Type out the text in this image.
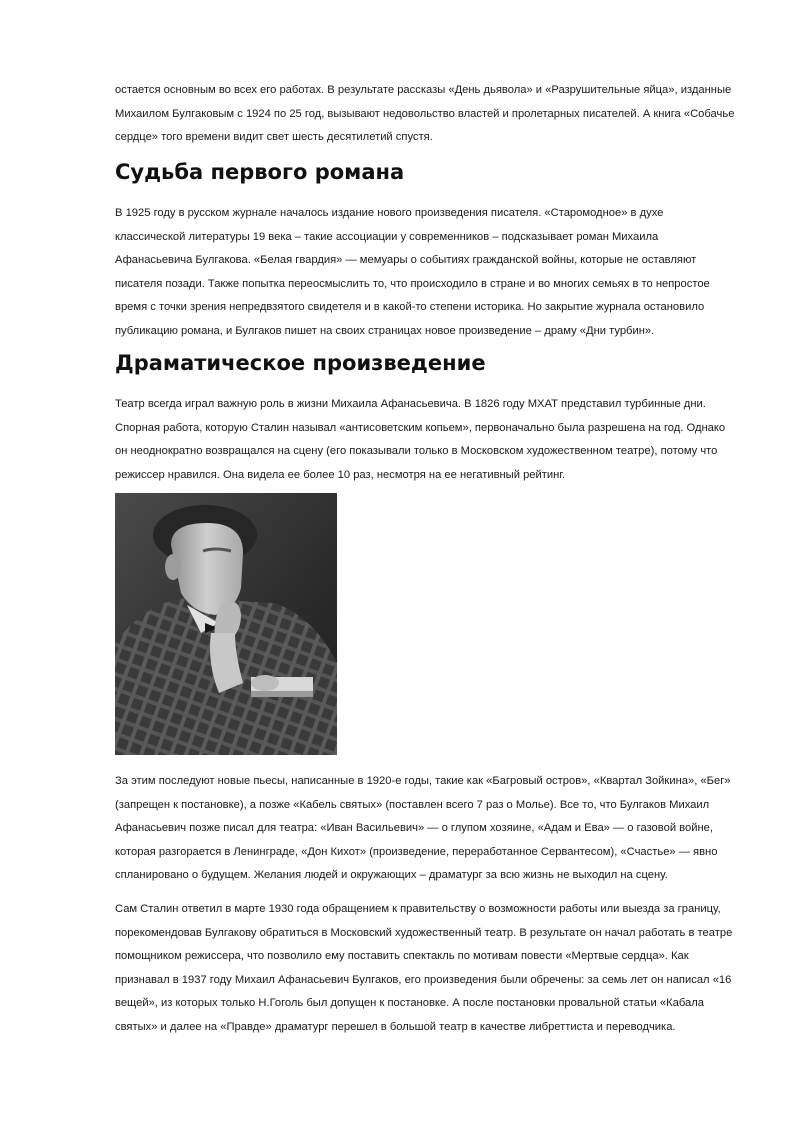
остается основным во всех его работах. В результате рассказы «День дьявола» и «Разрушительные яйца», изданные Михаилом Булгаковым с 1924 по 25 год, вызывают недовольство властей и пролетарных писателей. А книга «Собачье сердце» того времени видит свет шесть десятилетий спустя.

Судьба первого романа

В 1925 году в русском журнале началось издание нового произведения писателя. «Старомодное» в духе классической литературы 19 века – такие ассоциации у современников – подсказывает роман Михаила Афанасьевича Булгакова. «Белая гвардия» — мемуары о событиях гражданской войны, которые не оставляют писателя позади. Также попытка переосмыслить то, что происходило в стране и во многих семьях в то непростое время с точки зрения непредвзятого свидетеля и в какой-то степени историка. Но закрытие журнала остановило публикацию романа, и Булгаков пишет на своих страницах новое произведение – драму «Дни турбин».

Драматическое произведение

Театр всегда играл важную роль в жизни Михаила Афанасьевича. В 1826 году МХАТ представил турбинные дни. Спорная работа, которую Сталин называл «антисоветским копьем», первоначально была разрешена на год. Однако он неоднократно возвращался на сцену (его показывали только в Московском художественном театре), потому что режиссер нравился. Она видела ее более 10 раз, несмотря на ее негативный рейтинг.

За этим последуют новые пьесы, написанные в 1920-е годы, такие как «Багровый остров», «Квартал Зойкина», «Бег» (запрещен к постановке), а позже «Кабель святых» (поставлен всего 7 раз о Мольe). Все то, что Булгаков Михаил Афанасьевич позже писал для театра: «Иван Васильевич» — о глупом хозяине, «Адам и Ева» — о газовой войне, которая разгорается в Ленинграде, «Дон Кихот» (произведение, переработанное Сервантесом), «Счастье» — явно спланировано о будущем. Желания людей и окружающих – драматург за всю жизнь не выходил на сцену.

Сам Сталин ответил в марте 1930 года обращением к правительству о возможности работы или выезда за границу, порекомендовав Булгакову обратиться в Московский художественный театр. В результате он начал работать в театре помощником режиссера, что позволило ему поставить спектакль по мотивам повести «Мертвые сердца». Как признавал в 1937 году Михаил Афанасьевич Булгаков, его произведения были обречены: за семь лет он написал «16 вещей», из которых только Н.Гоголь был допущен к постановке. А после постановки провальной статьи «Кабала святых» и далее на «Правде» драматург перешел в большой театр в качестве либреттиста и переводчика.
